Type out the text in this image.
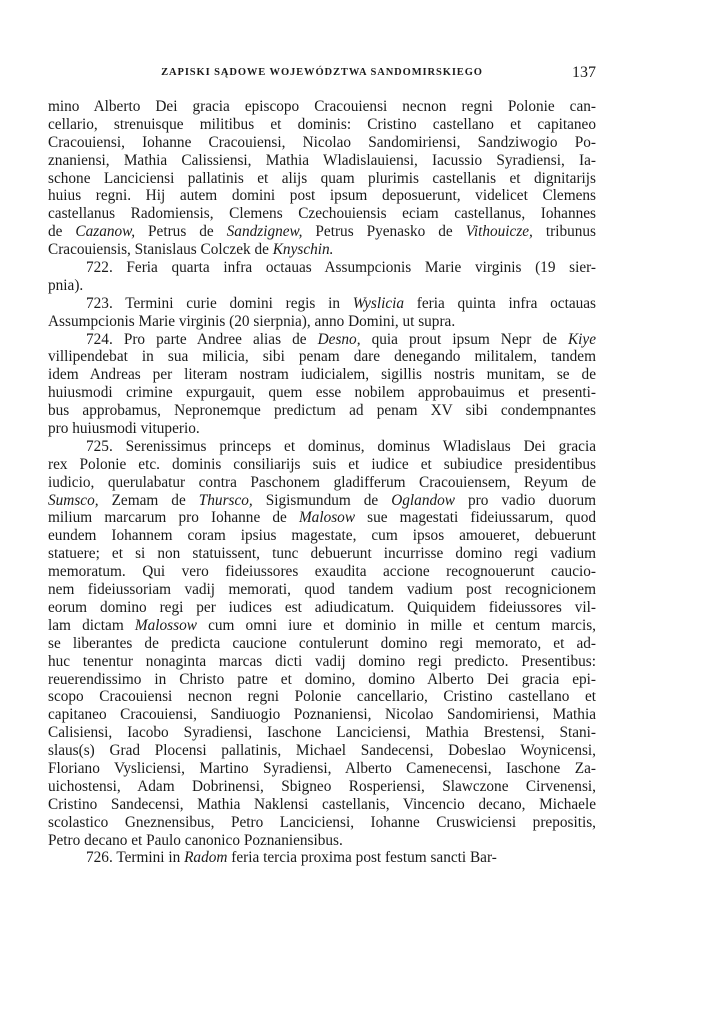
ZAPISKI SĄDOWE WOJEWÓDZTWA SANDOMIRSKIEGO	137
mino Alberto Dei gracia episcopo Cracouiensi necnon regni Polonie can-
cellario, strenuisque militibus et dominis: Cristino castellano et capitaneo
Cracouiensi, Iohanne Cracouiensi, Nicolao Sandomiriensi, Sandziwogio Po-
znaniensi, Mathia Calissiensi, Mathia Wladislauiensi, Iacussio Syradiensi, Ia-
schone Lanciciensi pallatinis et alijs quam plurimis castellanis et dignitarijs
huius regni. Hij autem domini post ipsum deposuerunt, videlicet Clemens
castellanus Radomiensis, Clemens Czechouiensis eciam castellanus, Iohannes
de Cazanow, Petrus de Sandzignew, Petrus Pyenasko de Vithouicze, tribunus
Cracouiensis, Stanislaus Colczek de Knyschin.
722. Feria quarta infra octauas Assumpcionis Marie virginis (19 sier-
pnia).
723. Termini curie domini regis in Wyslicia feria quinta infra octauas
Assumpcionis Marie virginis (20 sierpnia), anno Domini, ut supra.
724. Pro parte Andree alias de Desno, quia prout ipsum Nepr de Kiye
villipendebat in sua milicia, sibi penam dare denegando militalem, tandem
idem Andreas per literam nostram iudicialem, sigillis nostris munitam, se de
huiusmodi crimine expurgauit, quem esse nobilem approbauimus et presenti-
bus approbamus, Nepronemque predictum ad penam XV sibi condempnantes
pro huiusmodi vituperio.
725. Serenissimus princeps et dominus, dominus Wladislaus Dei gracia
rex Polonie etc. dominis consiliarijs suis et iudice et subiudice presidentibus
iudicio, querulabatur contra Paschonem gladifferum Cracouiensem, Reyum de
Sumsco, Zemam de Thursco, Sigismundum de Oglandow pro vadio duorum
milium marcarum pro Iohanne de Malosow sue magestati fideiussarum, quod
eundem Iohannem coram ipsius magestate, cum ipsos amoueret, debuerunt
statuere; et si non statuissent, tunc debuerunt incurrisse domino regi vadium
memoratum. Qui vero fideiussores exaudita accione recognouerunt caucio-
nem fideiussoriam vadij memorati, quod tandem vadium post recognicionem
eorum domino regi per iudices est adiudicatum. Quiquidem fideiussores vil-
lam dictam Malossow cum omni iure et dominio in mille et centum marcis,
se liberantes de predicta caucione contulerunt domino regi memorato, et ad-
huc tenentur nonaginta marcas dicti vadij domino regi predicto. Presentibus:
reuerendissimo in Christo patre et domino, domino Alberto Dei gracia epi-
scopo Cracouiensi necnon regni Polonie cancellario, Cristino castellano et
capitaneo Cracouiensi, Sandiuogio Poznaniensi, Nicolao Sandomiriensi, Mathia
Calisiensi, Iacobo Syradiensi, Iaschone Lanciciensi, Mathia Brestensi, Stani-
slaus(s) Grad Plocensi pallatinis, Michael Sandecensi, Dobeslao Woynicensi,
Floriano Vysliciensi, Martino Syradiensi, Alberto Camenecensi, Iaschone Za-
uichostensi, Adam Dobrinensi, Sbigneo Rosperiensi, Slawczone Cirvenensi,
Cristino Sandecensi, Mathia Naklensi castellanis, Vincencio decano, Michaele
scolastico Gneznensibus, Petro Lanciciensi, Iohanne Cruswiciensi prepositis,
Petro decano et Paulo canonico Poznaniensibus.
726. Termini in Radom feria tercia proxima post festum sancti Bar-
